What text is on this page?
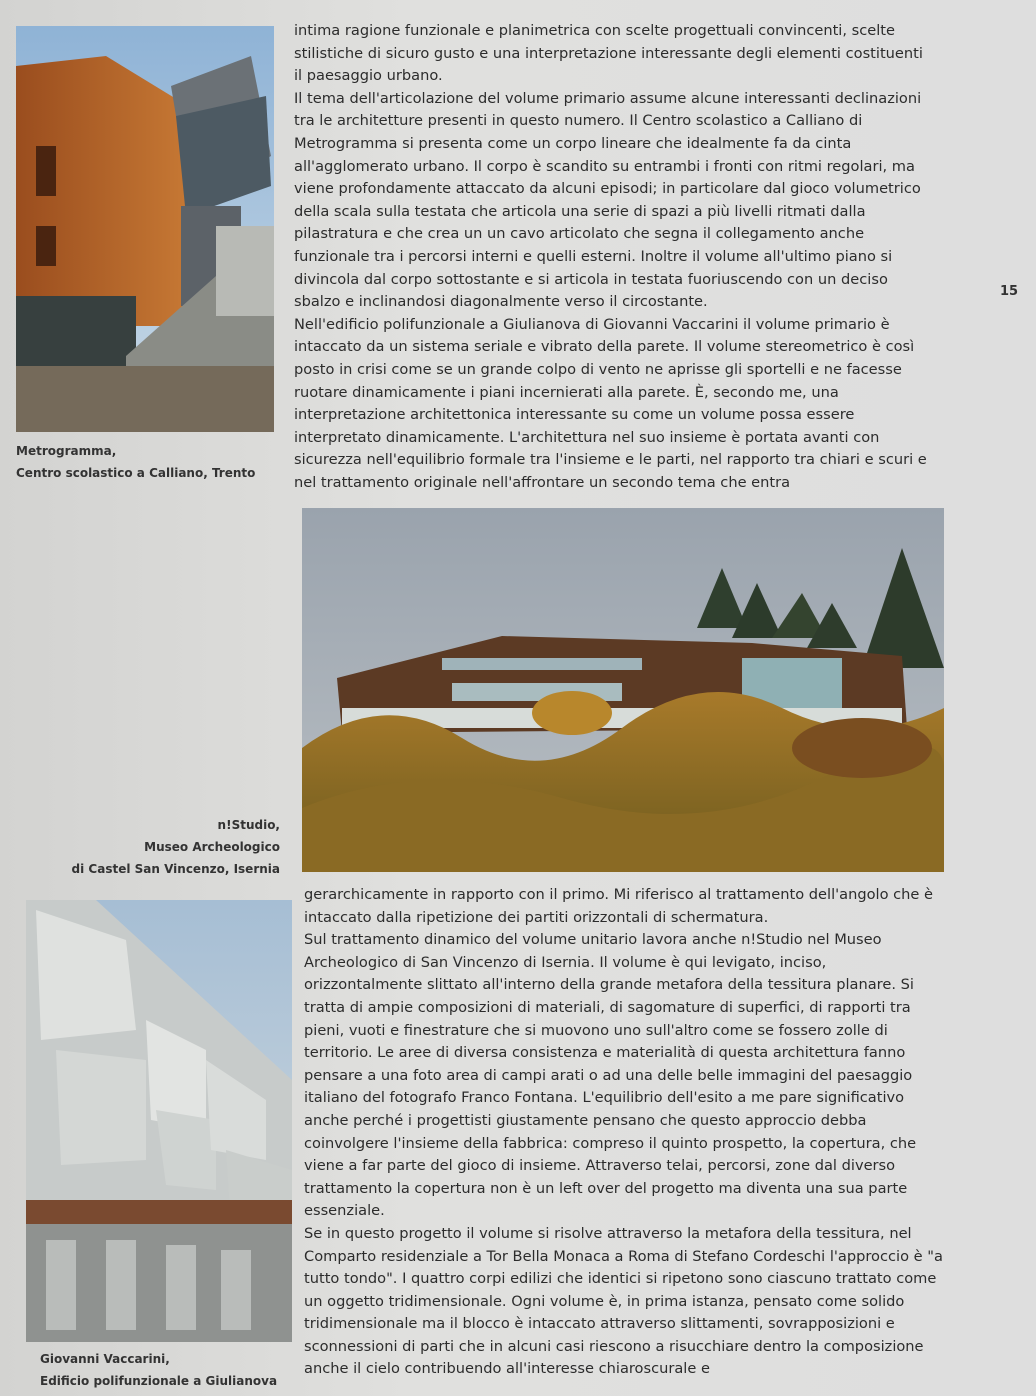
Metrogramma,
Centro scolastico a Calliano, Trento

intima ragione funzionale e planimetrica con scelte progettuali convincenti, scelte stilistiche di sicuro gusto e una interpretazione interessante degli elementi costituenti il paesaggio urbano.

Il tema dell'articolazione del volume primario assume alcune interessanti declinazioni tra le architetture presenti in questo numero. Il Centro scolastico a Calliano di Metrogramma si presenta come un corpo lineare che idealmente fa da cinta all'agglomerato urbano. Il corpo è scandito su entrambi i fronti con ritmi regolari, ma viene profondamente attaccato da alcuni episodi; in particolare dal gioco volumetrico della scala sulla testata che articola una serie di spazi a più livelli ritmati dalla pilastratura e che crea un un cavo articolato che segna il collegamento anche funzionale tra i percorsi interni e quelli esterni. Inoltre il volume all'ultimo piano si divincola dal corpo sottostante e si articola in testata fuoriuscendo con un deciso sbalzo e inclinandosi diagonalmente verso il circostante.

Nell'edificio polifunzionale a Giulianova di Giovanni Vaccarini il volume primario è intaccato da un sistema seriale e vibrato della parete. Il volume stereometrico è così posto in crisi come se un grande colpo di vento ne aprisse gli sportelli e ne facesse ruotare dinamicamente i piani incernierati alla parete. È, secondo me, una interpretazione architettonica interessante su come un volume possa essere interpretato dinamicamente. L'architettura nel suo insieme è portata avanti con sicurezza nell'equilibrio formale tra l'insieme e le parti, nel rapporto tra chiari e scuri e nel trattamento originale nell'affrontare un secondo tema che entra

15
n!Studio,
Museo Archeologico
di Castel San Vincenzo, Isernia
Giovanni Vaccarini,
Edificio polifunzionale a Giulianova

gerarchicamente in rapporto con il primo. Mi riferisco al trattamento dell'angolo che è intaccato dalla ripetizione dei partiti orizzontali di schermatura.

Sul trattamento dinamico del volume unitario lavora anche n!Studio nel Museo Archeologico di San Vincenzo di Isernia. Il volume è qui levigato, inciso, orizzontalmente slittato all'interno della grande metafora della tessitura planare. Si tratta di ampie composizioni di materiali, di sagomature di superfici, di rapporti tra pieni, vuoti e finestrature che si muovono uno sull'altro come se fossero zolle di territorio. Le aree di diversa consistenza e materialità di questa architettura fanno pensare a una foto area di campi arati o ad una delle belle immagini del paesaggio italiano del fotografo Franco Fontana. L'equilibrio dell'esito a me pare significativo anche perché i progettisti giustamente pensano che questo approccio debba coinvolgere l'insieme della fabbrica: compreso il quinto prospetto, la copertura, che viene a far parte del gioco di insieme. Attraverso telai, percorsi, zone dal diverso trattamento la copertura non è un left over del progetto ma diventa una sua parte essenziale.

Se in questo progetto il volume si risolve attraverso la metafora della tessitura, nel Comparto residenziale a Tor Bella Monaca a Roma di Stefano Cordeschi l'approccio è "a tutto tondo". I quattro corpi edilizi che identici si ripetono sono ciascuno trattato come un oggetto tridimensionale. Ogni volume è, in prima istanza, pensato come solido tridimensionale ma il blocco è intaccato attraverso slittamenti, sovrapposizioni e sconnessioni di parti che in alcuni casi riescono a risucchiare dentro la composizione anche il cielo contribuendo all'interesse chiaroscurale e
